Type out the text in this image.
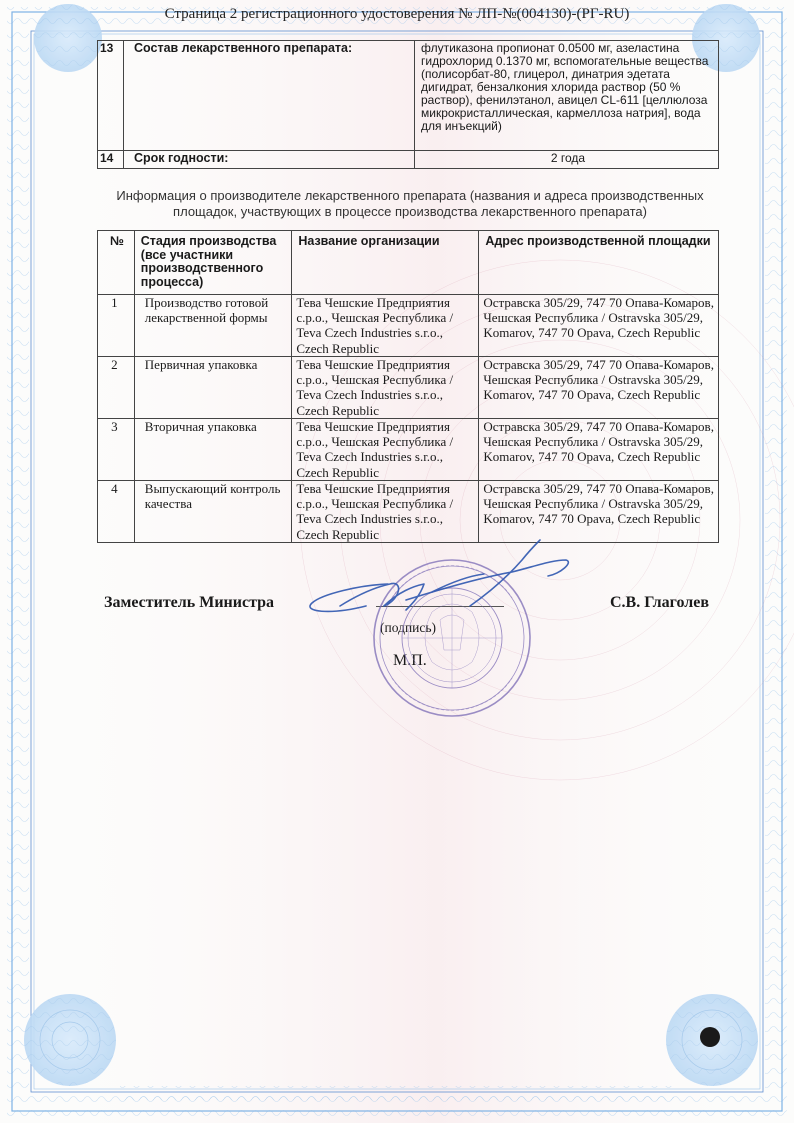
Страница 2 регистрационного удостоверения № ЛП-№(004130)-(РГ-RU)
13	Состав лекарственного препарата:	флутиказона пропионат 0.0500 мг, азеластина гидрохлорид 0.1370 мг, вспомогательные вещества (полисорбат-80, глицерол, динатрия эдетата дигидрат, бензалкония хлорида раствор (50 % раствор), фенилэтанол, авицел CL-611 [целлюлоза микрокристаллическая, кармеллоза натрия], вода для инъекций)
14	Срок годности:	2 года
Информация о производителе лекарственного препарата (названия и адреса производственных площадок, участвующих в процессе производства лекарственного препарата)
№	Стадия производства (все участники производственного процесса)	Название организации	Адрес производственной площадки
1	Производство готовой лекарственной формы	Тева Чешские Предприятия с.р.о., Чешская Республика / Teva Czech Industries s.r.o., Czech Republic	Остравска 305/29, 747 70 Опава-Комаров, Чешская Республика / Ostravska 305/29, Komarov, 747 70 Opava, Czech Republic
2	Первичная упаковка	Тева Чешские Предприятия с.р.о., Чешская Республика / Teva Czech Industries s.r.o., Czech Republic	Остравска 305/29, 747 70 Опава-Комаров, Чешская Республика / Ostravska 305/29, Komarov, 747 70 Opava, Czech Republic
3	Вторичная упаковка	Тева Чешские Предприятия с.р.о., Чешская Республика / Teva Czech Industries s.r.o., Czech Republic	Остравска 305/29, 747 70 Опава-Комаров, Чешская Республика / Ostravska 305/29, Komarov, 747 70 Opava, Czech Republic
4	Выпускающий контроль качества	Тева Чешские Предприятия с.р.о., Чешская Республика / Teva Czech Industries s.r.o., Czech Republic	Остравска 305/29, 747 70 Опава-Комаров, Чешская Республика / Ostravska 305/29, Komarov, 747 70 Opava, Czech Republic
Заместитель Министра
(подпись)
М.П.
С.В. Глаголев
